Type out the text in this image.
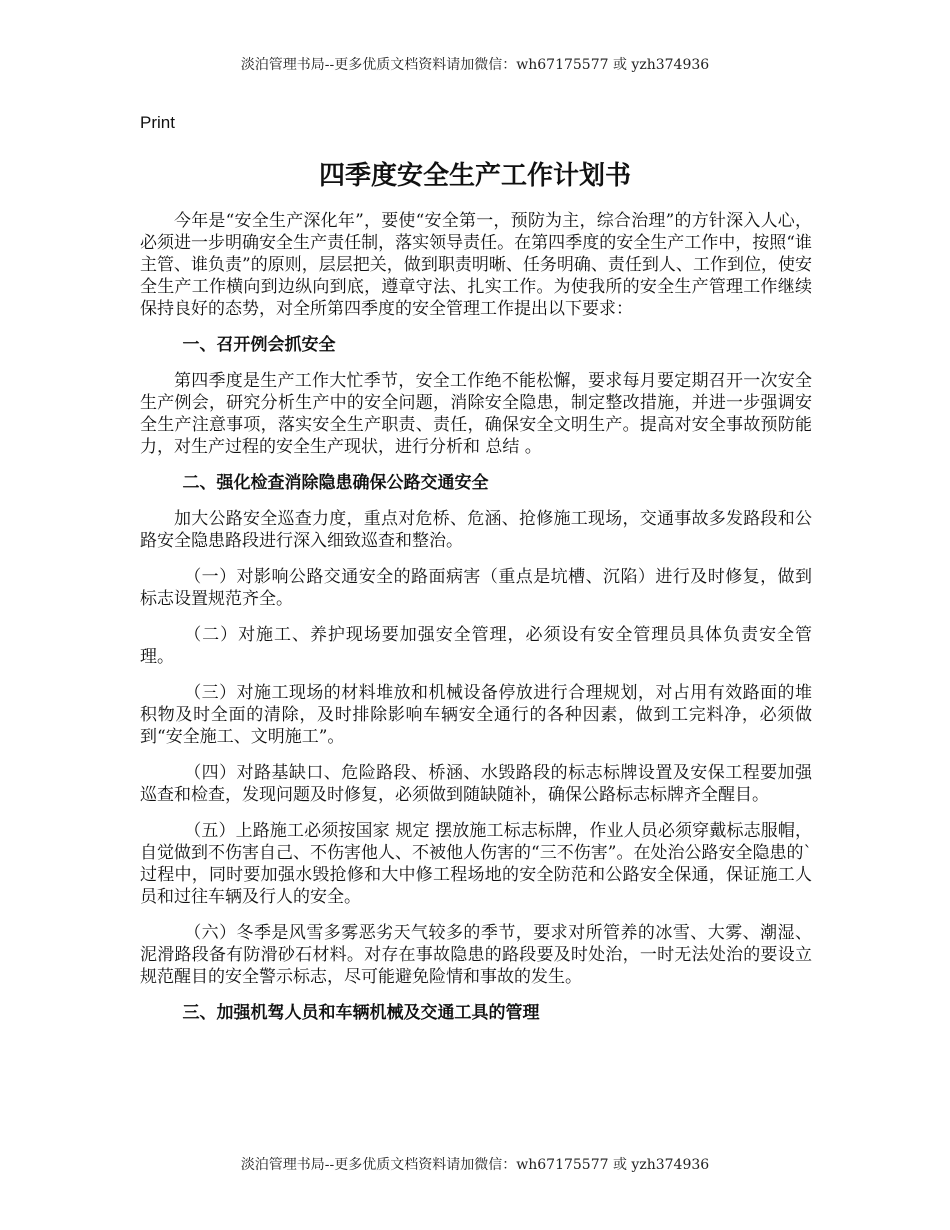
淡泊管理书局--更多优质文档资料请加微信：wh67175577 或 yzh374936
Print
四季度安全生产工作计划书

今年是“安全生产深化年”，要使“安全第一，预防为主，综合治理”的方针深入人心，必须进一步明确安全生产责任制，落实领导责任。在第四季度的安全生产工作中，按照“谁主管、谁负责”的原则，层层把关，做到职责明晰、任务明确、责任到人、工作到位，使安全生产工作横向到边纵向到底，遵章守法、扎实工作。为使我所的安全生产管理工作继续保持良好的态势，对全所第四季度的安全管理工作提出以下要求：

一、召开例会抓安全

第四季度是生产工作大忙季节，安全工作绝不能松懈，要求每月要定期召开一次安全生产例会，研究分析生产中的安全问题，消除安全隐患，制定整改措施，并进一步强调安全生产注意事项，落实安全生产职责、责任，确保安全文明生产。提高对安全事故预防能力，对生产过程的安全生产现状，进行分析和 总结 。

二、强化检查消除隐患确保公路交通安全

加大公路安全巡查力度，重点对危桥、危涵、抢修施工现场，交通事故多发路段和公路安全隐患路段进行深入细致巡查和整治。

（一）对影响公路交通安全的路面病害（重点是坑槽、沉陷）进行及时修复，做到标志设置规范齐全。

（二）对施工、养护现场要加强安全管理，必须设有安全管理员具体负责安全管理。

（三）对施工现场的材料堆放和机械设备停放进行合理规划，对占用有效路面的堆积物及时全面的清除，及时排除影响车辆安全通行的各种因素，做到工完料净，必须做到“安全施工、文明施工”。

（四）对路基缺口、危险路段、桥涵、水毁路段的标志标牌设置及安保工程要加强巡查和检查，发现问题及时修复，必须做到随缺随补，确保公路标志标牌齐全醒目。

（五）上路施工必须按国家 规定 摆放施工标志标牌，作业人员必须穿戴标志服帽，自觉做到不伤害自己、不伤害他人、不被他人伤害的“三不伤害”。在处治公路安全隐患的`过程中，同时要加强水毁抢修和大中修工程场地的安全防范和公路安全保通，保证施工人员和过往车辆及行人的安全。

（六）冬季是风雪多雾恶劣天气较多的季节，要求对所管养的冰雪、大雾、潮湿、泥滑路段备有防滑砂石材料。对存在事故隐患的路段要及时处治，一时无法处治的要设立规范醒目的安全警示标志，尽可能避免险情和事故的发生。

三、加强机驾人员和车辆机械及交通工具的管理
淡泊管理书局--更多优质文档资料请加微信：wh67175577 或 yzh374936
